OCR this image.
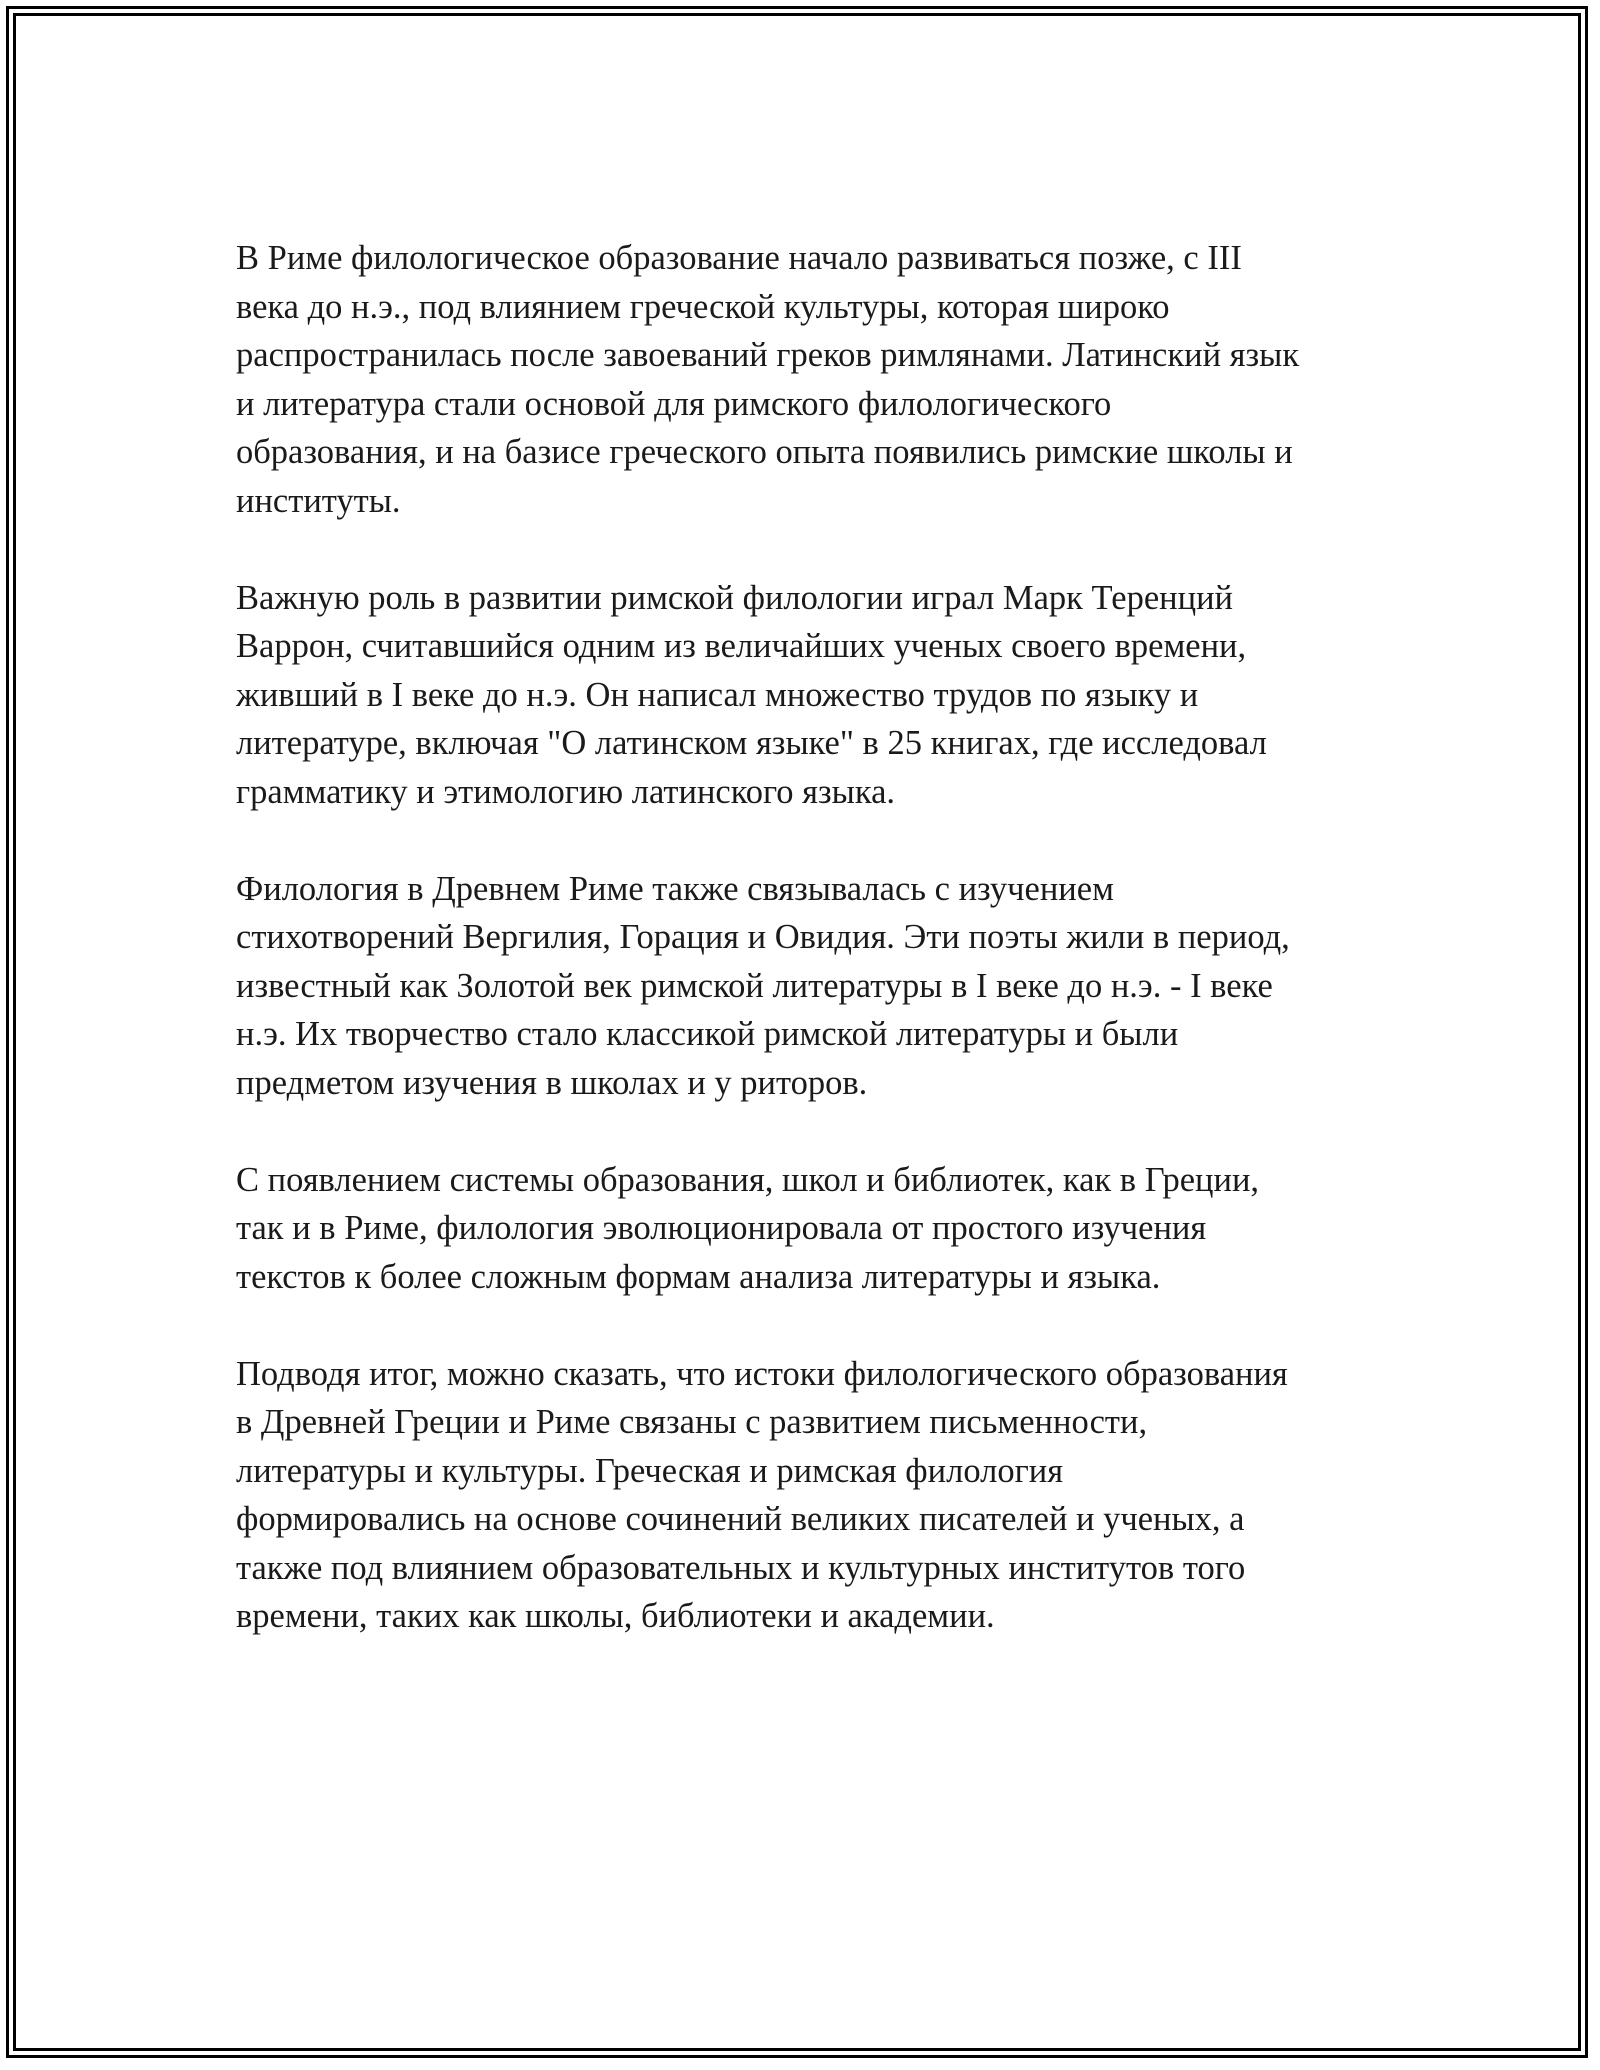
В Риме филологическое образование начало развиваться позже, с III
века до н.э., под влиянием греческой культуры, которая широко
распространилась после завоеваний греков римлянами. Латинский язык
и литература стали основой для римского филологического
образования, и на базисе греческого опыта появились римские школы и
институты.

Важную роль в развитии римской филологии играл Марк Теренций
Варрон, считавшийся одним из величайших ученых своего времени,
живший в I веке до н.э. Он написал множество трудов по языку и
литературе, включая "О латинском языке" в 25 книгах, где исследовал
грамматику и этимологию латинского языка.

Филология в Древнем Риме также связывалась с изучением
стихотворений Вергилия, Горация и Овидия. Эти поэты жили в период,
известный как Золотой век римской литературы в I веке до н.э. - I веке
н.э. Их творчество стало классикой римской литературы и были
предметом изучения в школах и у риторов.

С появлением системы образования, школ и библиотек, как в Греции,
так и в Риме, филология эволюционировала от простого изучения
текстов к более сложным формам анализа литературы и языка.

Подводя итог, можно сказать, что истоки филологического образования
в Древней Греции и Риме связаны с развитием письменности,
литературы и культуры. Греческая и римская филология
формировались на основе сочинений великих писателей и ученых, а
также под влиянием образовательных и культурных институтов того
времени, таких как школы, библиотеки и академии.
